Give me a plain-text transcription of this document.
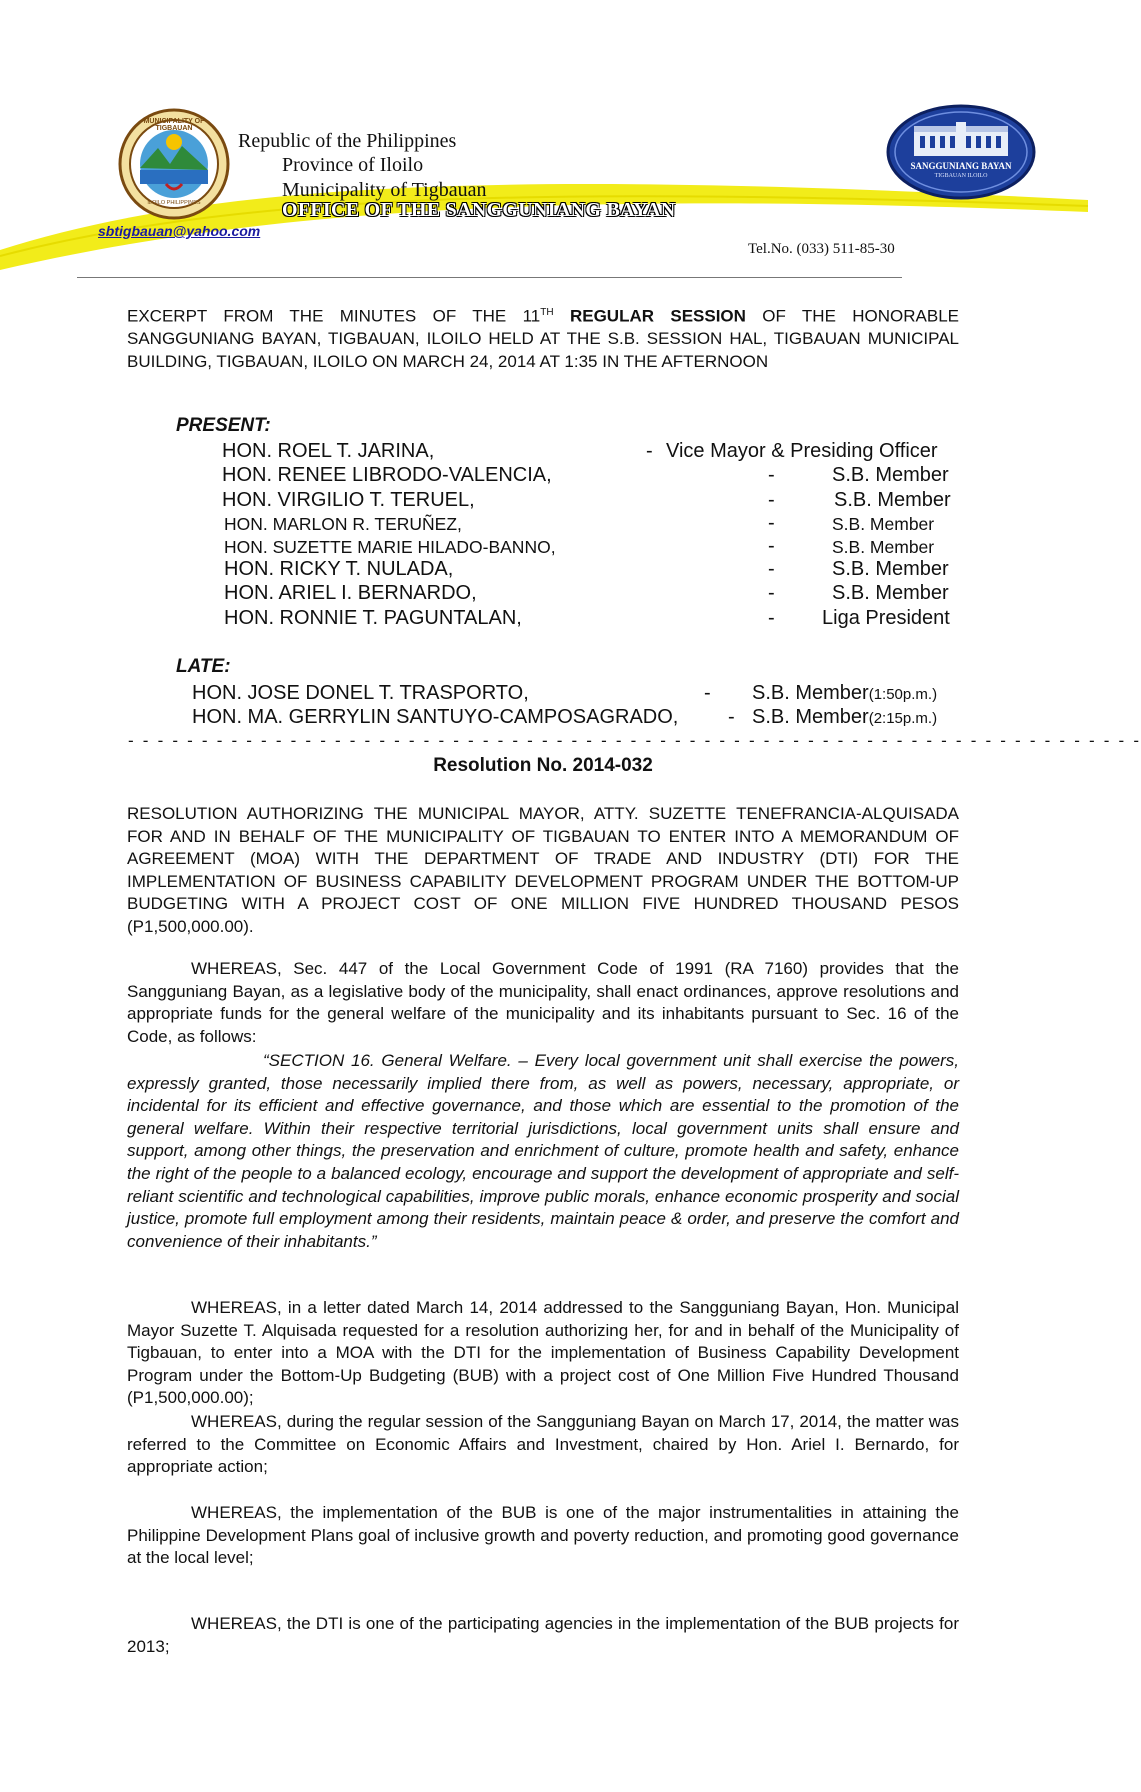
MUNICIPALITY OF TIGBAUAN
ILOILO PHILIPPINES
SANGGUNIANG BAYAN
TIGBAUAN ILOILO
Republic of the Philippines
Province of Iloilo
Municipality of Tigbauan
OFFICE OF THE SANGGUNIANG BAYAN
sbtigbauan@yahoo.com
Tel.No. (033) 511-85-30
EXCERPT FROM THE MINUTES OF THE 11TH REGULAR SESSION OF THE HONORABLE SANGGUNIANG BAYAN, TIGBAUAN, ILOILO HELD AT THE S.B. SESSION HAL, TIGBAUAN MUNICIPAL BUILDING, TIGBAUAN, ILOILO ON MARCH 24, 2014 AT 1:35 IN THE AFTERNOON
PRESENT:
HON. ROEL T. JARINA,	- Vice Mayor & Presiding Officer
HON. RENEE LIBRODO-VALENCIA,	-	S.B. Member
HON. VIRGILIO T. TERUEL,	-	S.B. Member
HON. MARLON R. TERUÑEZ,	-	S.B. Member
HON. SUZETTE MARIE HILADO-BANNO,	-	S.B. Member
HON. RICKY T. NULADA,	-	S.B. Member
HON. ARIEL I. BERNARDO,	-	S.B. Member
HON. RONNIE T. PAGUNTALAN,	- Liga President
LATE:
HON. JOSE DONEL T. TRASPORTO,	- S.B. Member(1:50p.m.)
HON. MA. GERRYLIN SANTUYO-CAMPOSAGRADO, - S.B. Member(2:15p.m.)
- - - - - - - - - - - - - - - - - - - - - - - - - - - - - - - - - - - - - - - - - - - - - - - - - - - - - - - - - - - - - - - - - - - - -
Resolution No. 2014-032
RESOLUTION AUTHORIZING THE MUNICIPAL MAYOR, ATTY. SUZETTE TENEFRANCIA-ALQUISADA FOR AND IN BEHALF OF THE MUNICIPALITY OF TIGBAUAN TO ENTER INTO A MEMORANDUM OF AGREEMENT (MOA) WITH THE DEPARTMENT OF TRADE AND INDUSTRY (DTI) FOR THE IMPLEMENTATION OF BUSINESS CAPABILITY DEVELOPMENT PROGRAM UNDER THE BOTTOM-UP BUDGETING WITH A PROJECT COST OF ONE MILLION FIVE HUNDRED THOUSAND PESOS (P1,500,000.00).
WHEREAS, Sec. 447 of the Local Government Code of 1991 (RA 7160) provides that the Sangguniang Bayan, as a legislative body of the municipality, shall enact ordinances, approve resolutions and appropriate funds for the general welfare of the municipality and its inhabitants pursuant to Sec. 16 of the Code, as follows:
“SECTION 16. General Welfare. – Every local government unit shall exercise the powers, expressly granted, those necessarily implied there from, as well as powers, necessary, appropriate, or incidental for its efficient and effective governance, and those which are essential to the promotion of the general welfare. Within their respective territorial jurisdictions, local government units shall ensure and support, among other things, the preservation and enrichment of culture, promote health and safety, enhance the right of the people to a balanced ecology, encourage and support the development of appropriate and self-reliant scientific and technological capabilities, improve public morals, enhance economic prosperity and social justice, promote full employment among their residents, maintain peace & order, and preserve the comfort and convenience of their inhabitants.”
WHEREAS, in a letter dated March 14, 2014 addressed to the Sangguniang Bayan, Hon. Municipal Mayor Suzette T. Alquisada requested for a resolution authorizing her, for and in behalf of the Municipality of Tigbauan, to enter into a MOA with the DTI for the implementation of Business Capability Development Program under the Bottom-Up Budgeting (BUB) with a project cost of One Million Five Hundred Thousand (P1,500,000.00);
WHEREAS, during the regular session of the Sangguniang Bayan on March 17, 2014, the matter was referred to the Committee on Economic Affairs and Investment, chaired by Hon. Ariel I. Bernardo, for appropriate action;
WHEREAS, the implementation of the BUB is one of the major instrumentalities in attaining the Philippine Development Plans goal of inclusive growth and poverty reduction, and promoting good governance at the local level;
WHEREAS, the DTI is one of the participating agencies in the implementation of the BUB projects for 2013;
